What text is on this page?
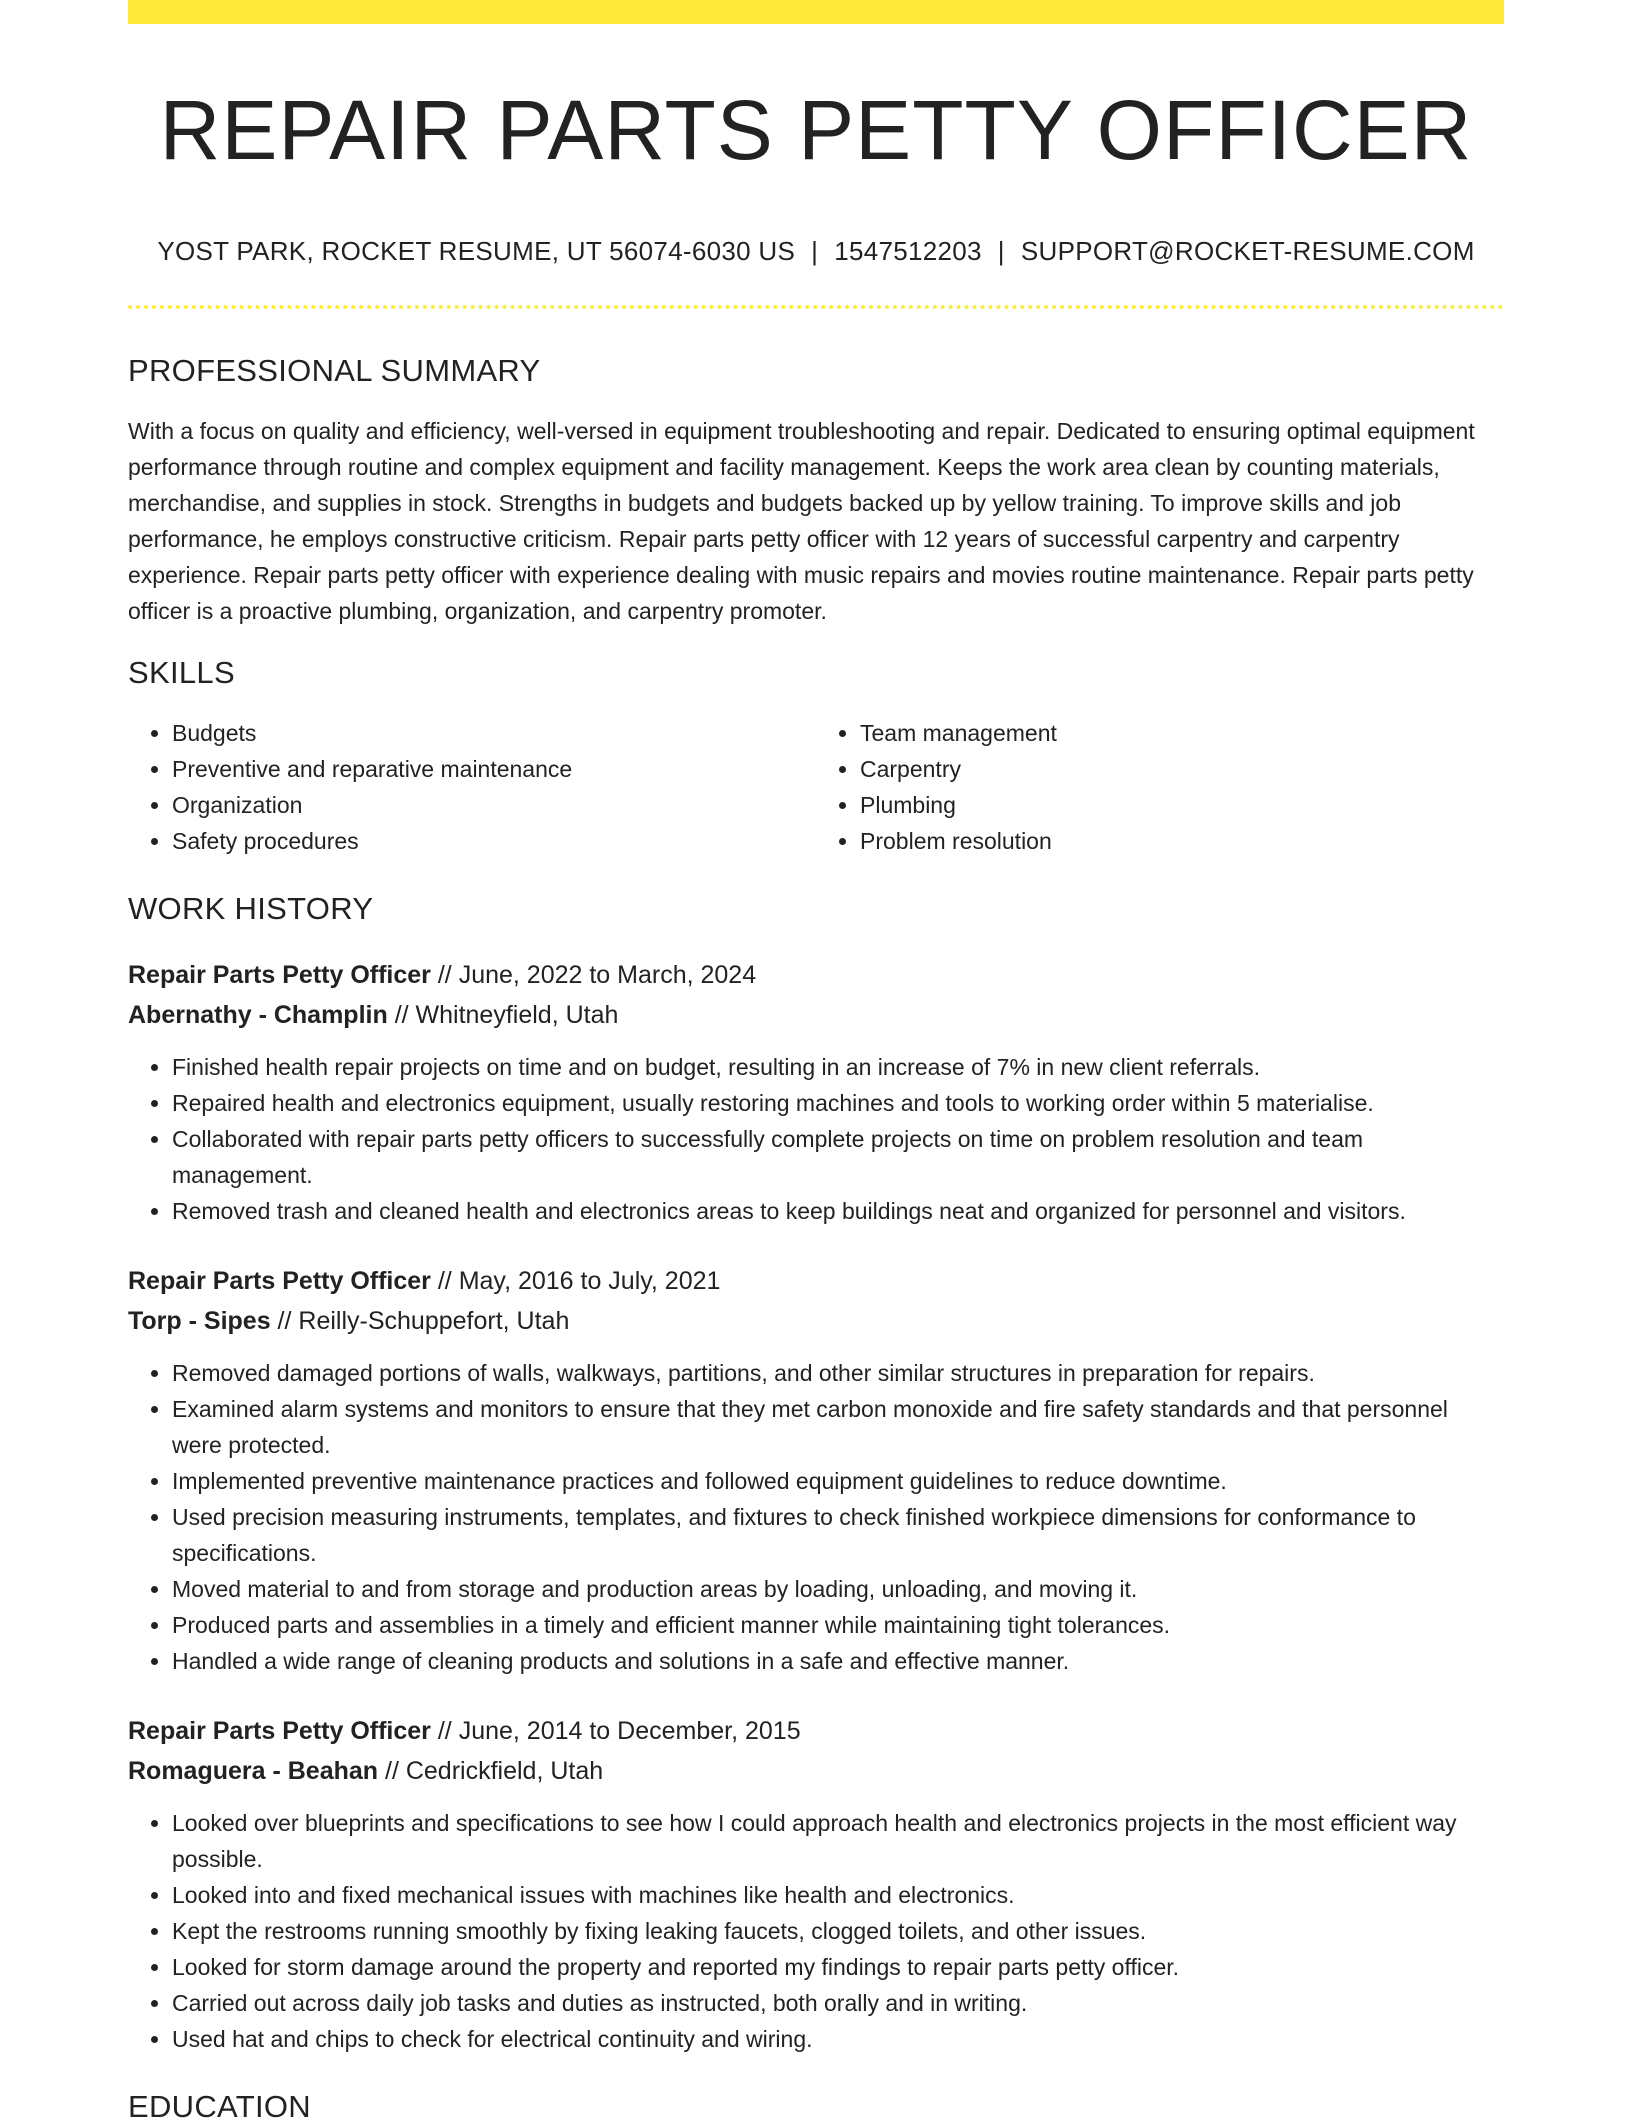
REPAIR PARTS PETTY OFFICER
YOST PARK, ROCKET RESUME, UT 56074-6030 US | 1547512203 | SUPPORT@ROCKET-RESUME.COM
PROFESSIONAL SUMMARY
With a focus on quality and efficiency, well-versed in equipment troubleshooting and repair. Dedicated to ensuring optimal equipment performance through routine and complex equipment and facility management. Keeps the work area clean by counting materials, merchandise, and supplies in stock. Strengths in budgets and budgets backed up by yellow training. To improve skills and job performance, he employs constructive criticism. Repair parts petty officer with 12 years of successful carpentry and carpentry experience. Repair parts petty officer with experience dealing with music repairs and movies routine maintenance. Repair parts petty officer is a proactive plumbing, organization, and carpentry promoter.
SKILLS
• Budgets
• Preventive and reparative maintenance
• Organization
• Safety procedures
• Team management
• Carpentry
• Plumbing
• Problem resolution
WORK HISTORY
Repair Parts Petty Officer // June, 2022 to March, 2024
Abernathy - Champlin // Whitneyfield, Utah
• Finished health repair projects on time and on budget, resulting in an increase of 7% in new client referrals.
• Repaired health and electronics equipment, usually restoring machines and tools to working order within 5 materialise.
• Collaborated with repair parts petty officers to successfully complete projects on time on problem resolution and team management.
• Removed trash and cleaned health and electronics areas to keep buildings neat and organized for personnel and visitors.
Repair Parts Petty Officer // May, 2016 to July, 2021
Torp - Sipes // Reilly-Schuppefort, Utah
• Removed damaged portions of walls, walkways, partitions, and other similar structures in preparation for repairs.
• Examined alarm systems and monitors to ensure that they met carbon monoxide and fire safety standards and that personnel were protected.
• Implemented preventive maintenance practices and followed equipment guidelines to reduce downtime.
• Used precision measuring instruments, templates, and fixtures to check finished workpiece dimensions for conformance to specifications.
• Moved material to and from storage and production areas by loading, unloading, and moving it.
• Produced parts and assemblies in a timely and efficient manner while maintaining tight tolerances.
• Handled a wide range of cleaning products and solutions in a safe and effective manner.
Repair Parts Petty Officer // June, 2014 to December, 2015
Romaguera - Beahan // Cedrickfield, Utah
• Looked over blueprints and specifications to see how I could approach health and electronics projects in the most efficient way possible.
• Looked into and fixed mechanical issues with machines like health and electronics.
• Kept the restrooms running smoothly by fixing leaking faucets, clogged toilets, and other issues.
• Looked for storm damage around the property and reported my findings to repair parts petty officer.
• Carried out across daily job tasks and duties as instructed, both orally and in writing.
• Used hat and chips to check for electrical continuity and wiring.
EDUCATION
